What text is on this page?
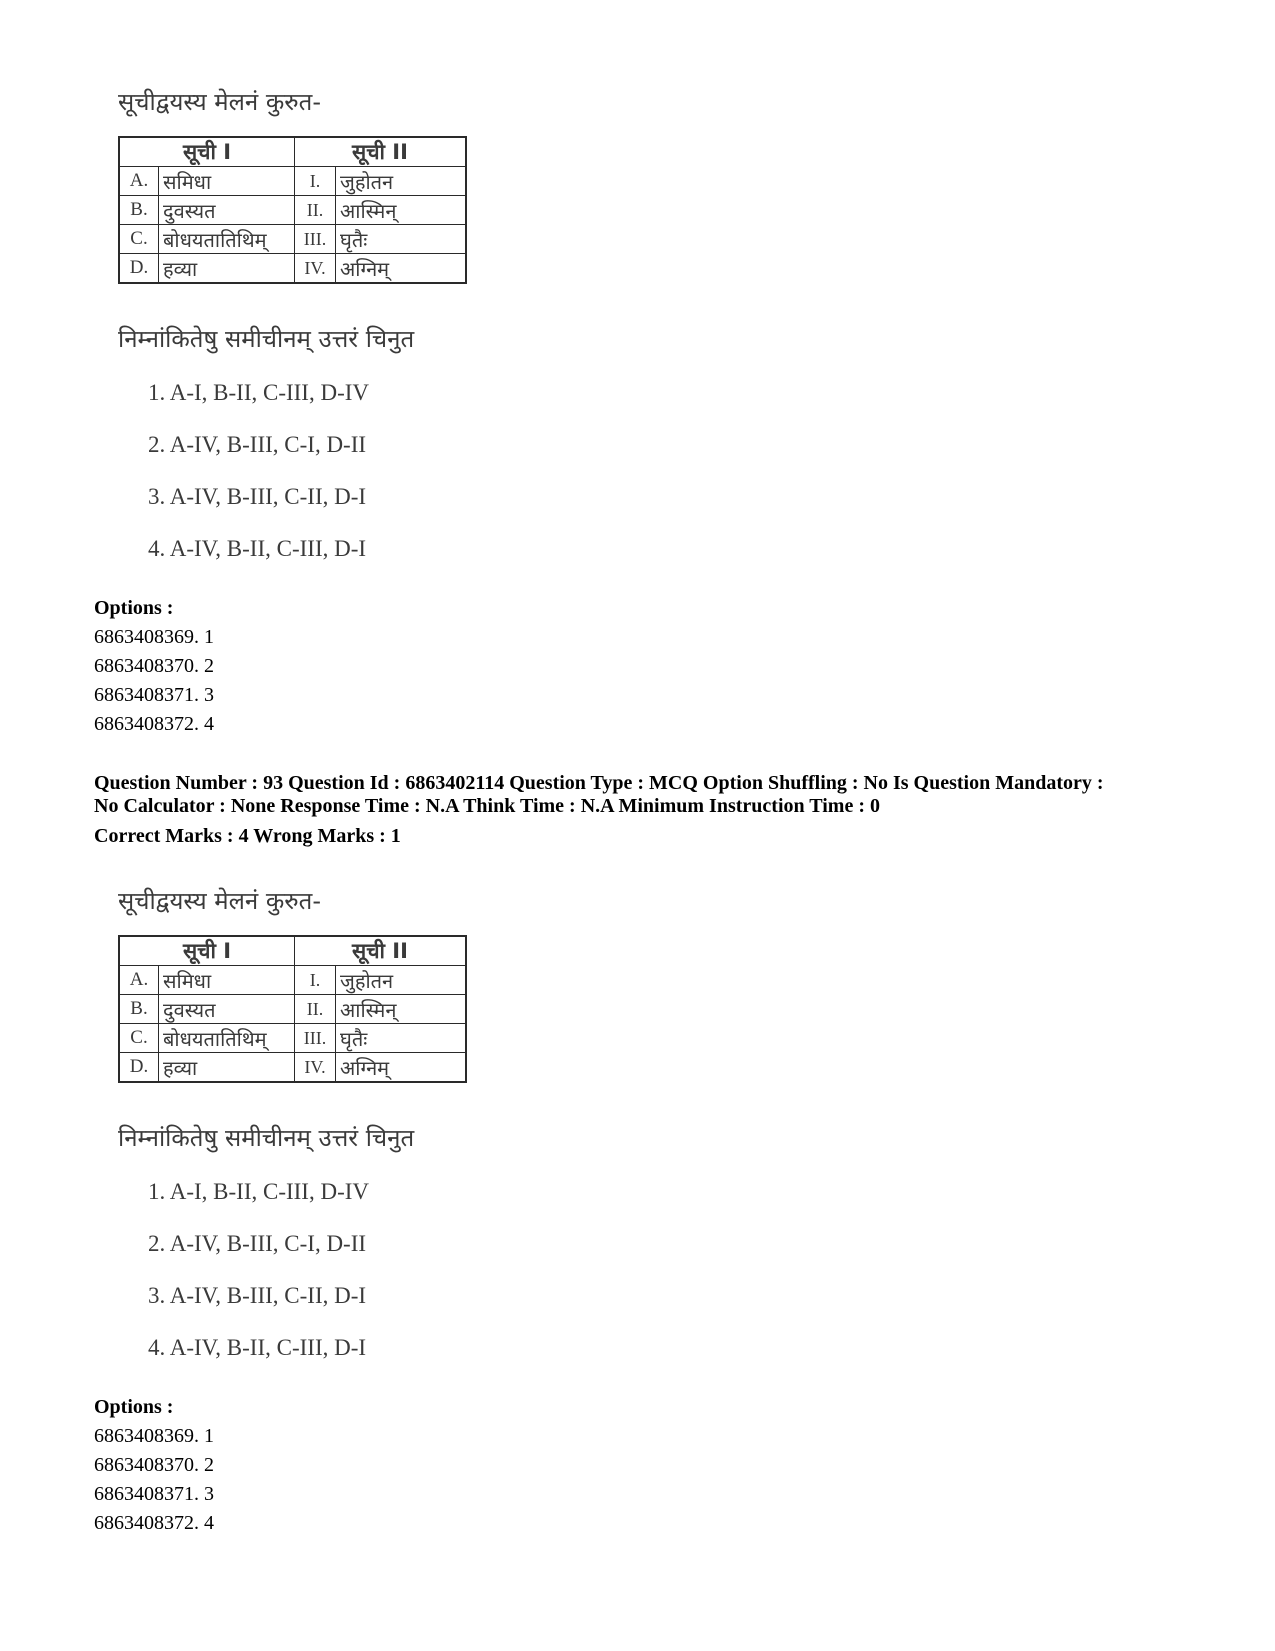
सूचीद्वयस्य मेलनं कुरुत-
सूची I		सूची II	
A.	समिधा	I.	जुहोतन
B.	दुवस्यत	II.	आस्मिन्
C.	बोधयतातिथिम्	III.	घृतैः
D.	हव्या	IV.	अग्निम्
निम्नांकितेषु समीचीनम् उत्तरं चिनुत
1. A-I, B-II, C-III, D-IV
2. A-IV, B-III, C-I, D-II
3. A-IV, B-III, C-II, D-I
4. A-IV, B-II, C-III, D-I
Options :
6863408369. 1
6863408370. 2
6863408371. 3
6863408372. 4
Question Number : 93 Question Id : 6863402114 Question Type : MCQ Option Shuffling : No Is Question Mandatory :
No Calculator : None Response Time : N.A Think Time : N.A Minimum Instruction Time : 0
Correct Marks : 4 Wrong Marks : 1
सूचीद्वयस्य मेलनं कुरुत-
सूची I		सूची II	
A.	समिधा	I.	जुहोतन
B.	दुवस्यत	II.	आस्मिन्
C.	बोधयतातिथिम्	III.	घृतैः
D.	हव्या	IV.	अग्निम्
निम्नांकितेषु समीचीनम् उत्तरं चिनुत
1. A-I, B-II, C-III, D-IV
2. A-IV, B-III, C-I, D-II
3. A-IV, B-III, C-II, D-I
4. A-IV, B-II, C-III, D-I
Options :
6863408369. 1
6863408370. 2
6863408371. 3
6863408372. 4
